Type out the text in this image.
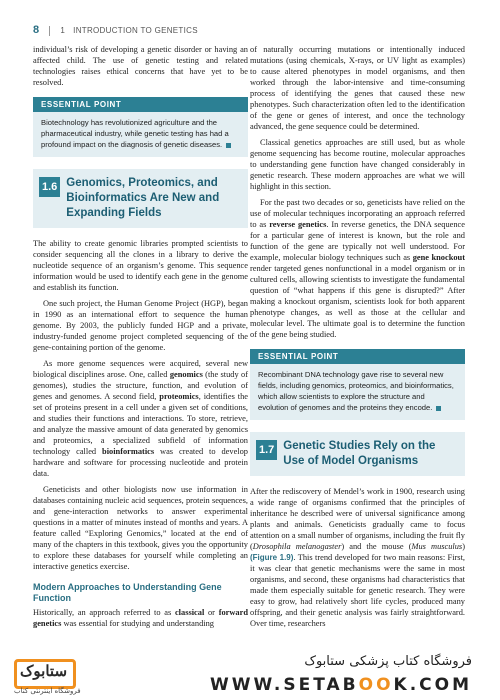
8	1 INTRODUCTION TO GENETICS

individual’s risk of developing a genetic disorder or having an affected child. The use of genetic testing and related technologies raises ethical concerns that have yet to be resolved.

ESSENTIAL POINT
Biotechnology has revolutionized agriculture and the pharmaceutical industry, while genetic testing has had a profound impact on the diagnosis of genetic diseases.
1.6 Genomics, Proteomics, and Bioinformatics Are New and Expanding Fields

The ability to create genomic libraries prompted scientists to consider sequencing all the clones in a library to derive the nucleotide sequence of an organism’s genome. This sequence information would be used to identify each gene in the genome and establish its function.

One such project, the Human Genome Project (HGP), began in 1990 as an international effort to sequence the human genome. By 2003, the publicly funded HGP and a private, industry-funded genome project completed sequencing of the gene-containing portion of the genome.

As more genome sequences were acquired, several new biological disciplines arose. One, called genomics (the study of genomes), studies the structure, function, and evolution of genes and genomes. A second field, proteomics, identifies the set of proteins present in a cell under a given set of conditions, and studies their functions and interactions. To store, retrieve, and analyze the massive amount of data generated by genomics and proteomics, a specialized subfield of information technology called bioinformatics was created to develop hardware and software for processing nucleotide and protein data.

Geneticists and other biologists now use information in databases containing nucleic acid sequences, protein sequences, and gene-interaction networks to answer experimental questions in a matter of minutes instead of months and years. A feature called “Exploring Genomics,” located at the end of many of the chapters in this textbook, gives you the opportunity to explore these databases for yourself while completing an interactive genetics exercise.

Modern Approaches to Understanding Gene Function

Historically, an approach referred to as classical or forward genetics was essential for studying and understanding

of naturally occurring mutations or intentionally induced mutations (using chemicals, X-rays, or UV light as examples) to cause altered phenotypes in model organisms, and then worked through the labor-intensive and time-consuming process of identifying the genes that caused these new phenotypes. Such characterization often led to the identification of the gene or genes of interest, and once the technology advanced, the gene sequence could be determined.

Classical genetics approaches are still used, but as whole genome sequencing has become routine, molecular approaches to understanding gene function have changed considerably in genetic research. These modern approaches are what we will highlight in this section.

For the past two decades or so, geneticists have relied on the use of molecular techniques incorporating an approach referred to as reverse genetics. In reverse genetics, the DNA sequence for a particular gene of interest is known, but the role and function of the gene are typically not well understood. For example, molecular biology techniques such as gene knockout render targeted genes nonfunctional in a model organism or in cultured cells, allowing scientists to investigate the fundamental question of “what happens if this gene is disrupted?” After making a knockout organism, scientists look for both apparent phenotype changes, as well as those at the cellular and molecular level. The ultimate goal is to determine the function of the gene being studied.

ESSENTIAL POINT
Recombinant DNA technology gave rise to several new fields, including genomics, proteomics, and bioinformatics, which allow scientists to explore the structure and evolution of genomes and the proteins they encode.
1.7 Genetic Studies Rely on the Use of Model Organisms

After the rediscovery of Mendel’s work in 1900, research using a wide range of organisms confirmed that the principles of inheritance he described were of universal significance among plants and animals. Geneticists gradually came to focus attention on a small number of organisms, including the fruit fly (Drosophila melanogaster) and the mouse (Mus musculus) (Figure 1.9). This trend developed for two main reasons: First, it was clear that genetic mechanisms were the same in most organisms, and second, these organisms had characteristics that made them especially suitable for genetic research. They were easy to grow, had relatively short life cycles, produced many offspring, and their genetic analysis was fairly straightforward. Over time, researchers

ستابوک
فروشگاه اینترنتی کتاب
فروشگاه کتاب پزشکی ستابوک
WWW.SETABOOK.COM
